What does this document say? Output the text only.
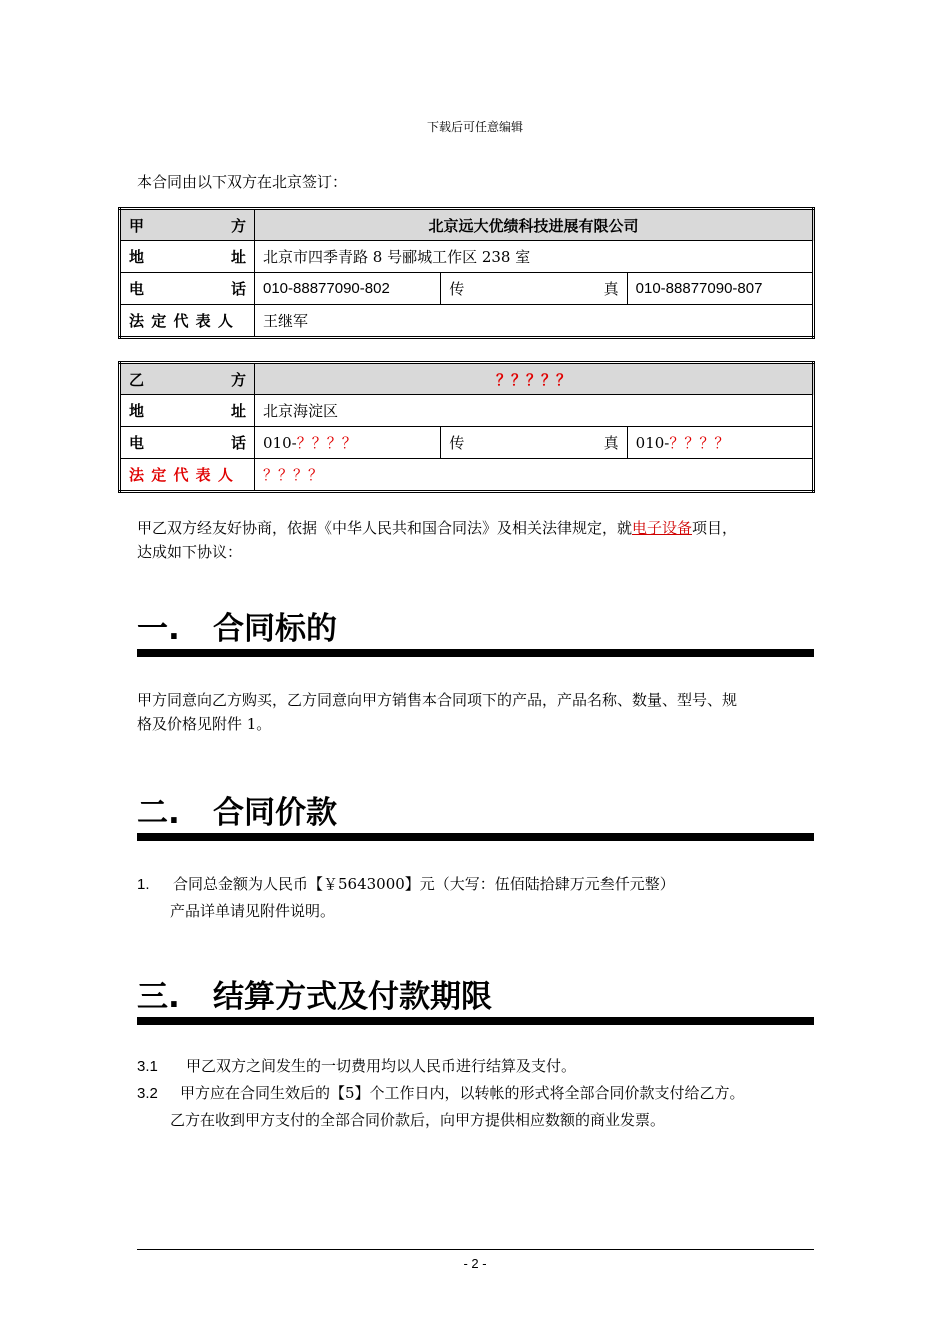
下载后可任意编辑
本合同由以下双方在北京签订：
甲 方	北京远大优绩科技进展有限公司		

地 址	北京市四季青路 8 号郦城工作区 238 室		

电 话	010-88877090-802	传 真	010-88877090-807
法 定 代 表 人	王继军		
乙 方	？？？？？		

地 址	北京海淀区		

电 话	010-？？？？	传 真	010-？？？？
法 定 代 表 人	？？？？		
甲乙双方经友好协商，依据《中华人民共和国合同法》及相关法律规定，就电子设备项目，
达成如下协议：
一. 合同标的
甲方同意向乙方购买，乙方同意向甲方销售本合同项下的产品，产品名称、数量、型号、规
格及价格见附件 1。
二. 合同价款
1. 合同总金额为人民币【￥5643000】元（大写：伍佰陆拾肆万元叁仟元整）
产品详单请见附件说明。
三. 结算方式及付款期限
3.1 甲乙双方之间发生的一切费用均以人民币进行结算及支付。
3.2 甲方应在合同生效后的【5】个工作日内，以转帐的形式将全部合同价款支付给乙方。
乙方在收到甲方支付的全部合同价款后，向甲方提供相应数额的商业发票。
- 2 -
